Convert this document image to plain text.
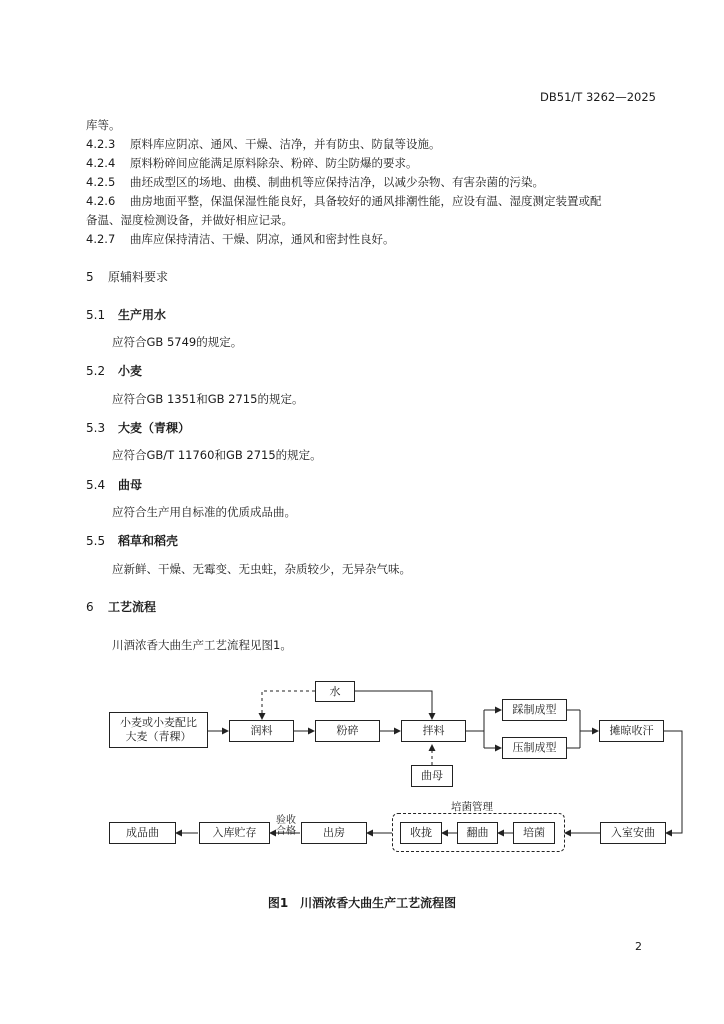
DB51/T 3262—2025
库等。
4.2.3 原料库应阴凉、通风、干燥、洁净，并有防虫、防鼠等设施。
4.2.4 原料粉碎间应能满足原料除杂、粉碎、防尘防爆的要求。
4.2.5 曲坯成型区的场地、曲模、制曲机等应保持洁净，以减少杂物、有害杂菌的污染。
4.2.6 曲房地面平整，保温保湿性能良好，具备较好的通风排潮性能，应设有温、湿度测定装置或配
备温、湿度检测设备，并做好相应记录。
4.2.7 曲库应保持清洁、干燥、阴凉，通风和密封性良好。
5 原辅料要求
5.1 生产用水
应符合GB 5749的规定。
5.2 小麦
应符合GB 1351和GB 2715的规定。
5.3 大麦（青稞）
应符合GB/T 11760和GB 2715的规定。
5.4 曲母
应符合生产用自标准的优质成品曲。
5.5 稻草和稻壳
应新鲜、干燥、无霉变、无虫蛀，杂质较少，无异杂气味。
6 工艺流程
川酒浓香大曲生产工艺流程见图1。
水
小麦或小麦配比
大麦（青稞）	润料	粉碎	拌料
曲母
踩制成型
压制成型
摊晾收汗
入室安曲
培菌管理
培菌
翻曲
收拢
出房
验收
合格
入库贮存
成品曲
图1　川酒浓香大曲生产工艺流程图
2
